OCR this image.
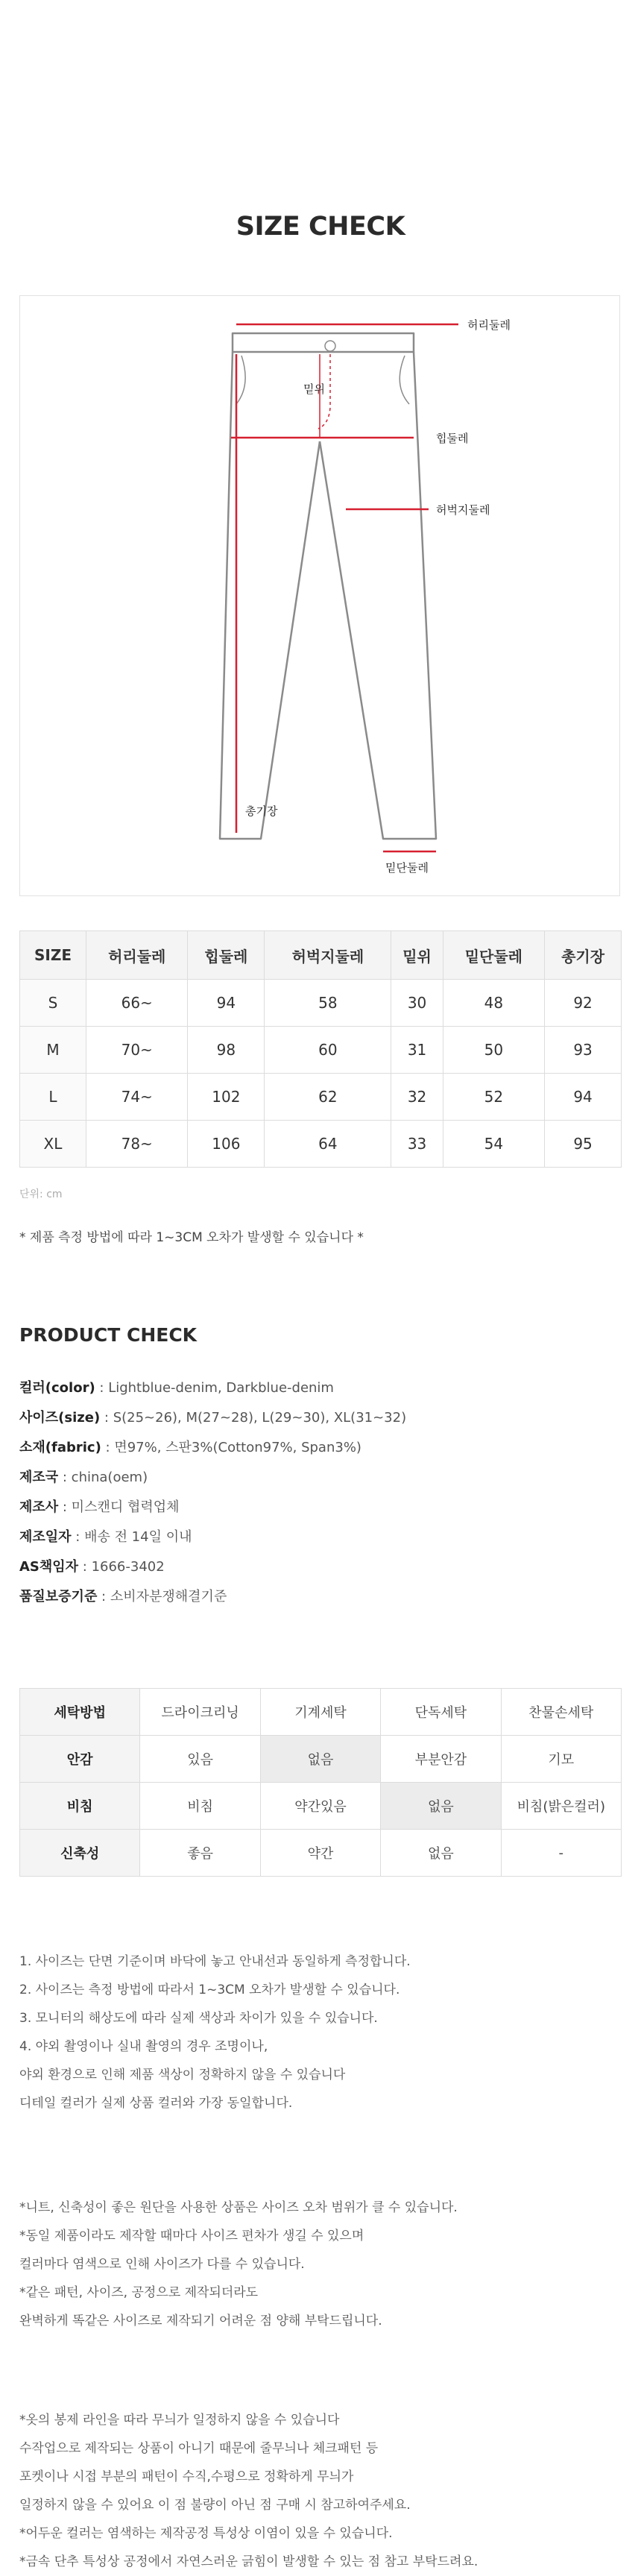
SIZE CHECK
허리둘레
밑위
힙둘레
허벅지둘레
총기장
밑단둘레
SIZE	허리둘레	힙둘레	허벅지둘레	밑위	밑단둘레	총기장
S	66~	94	58	30	48	92
M	70~	98	60	31	50	93
L	74~	102	62	32	52	94
XL	78~	106	64	33	54	95
단위: cm
* 제품 측정 방법에 따라 1~3CM 오차가 발생할 수 있습니다 *
PRODUCT CHECK
컬러(color) : Lightblue-denim, Darkblue-denim
사이즈(size) : S(25~26), M(27~28), L(29~30), XL(31~32)
소재(fabric) : 면97%, 스판3%(Cotton97%, Span3%)
제조국 : china(oem)
제조사 : 미스캔디 협력업체
제조일자 : 배송 전 14일 이내
AS책임자 : 1666-3402
품질보증기준 : 소비자분쟁해결기준
세탁방법	드라이크리닝	기계세탁	단독세탁	찬물손세탁
안감	있음	없음	부분안감	기모
비침	비침	약간있음	없음	비침(밝은컬러)
신축성	좋음	약간	없음	-
1. 사이즈는 단면 기준이며 바닥에 놓고 안내선과 동일하게 측정합니다.
2. 사이즈는 측정 방법에 따라서 1~3CM 오차가 발생할 수 있습니다.
3. 모니터의 해상도에 따라 실제 색상과 차이가 있을 수 있습니다.
4. 야외 촬영이나 실내 촬영의 경우 조명이나,
야외 환경으로 인해 제품 색상이 정확하지 않을 수 있습니다
디테일 컬러가 실제 상품 컬러와 가장 동일합니다.
*니트, 신축성이 좋은 원단을 사용한 상품은 사이즈 오차 범위가 클 수 있습니다.
*동일 제품이라도 제작할 때마다 사이즈 편차가 생길 수 있으며
컬러마다 염색으로 인해 사이즈가 다를 수 있습니다.
*같은 패턴, 사이즈, 공정으로 제작되더라도
완벽하게 똑같은 사이즈로 제작되기 어려운 점 양해 부탁드립니다.
*옷의 봉제 라인을 따라 무늬가 일정하지 않을 수 있습니다
수작업으로 제작되는 상품이 아니기 때문에 줄무늬나 체크패턴 등
포켓이나 시접 부분의 패턴이 수직,수평으로 정확하게 무늬가
일정하지 않을 수 있어요 이 점 불량이 아닌 점 구매 시 참고하여주세요.
*어두운 컬러는 염색하는 제작공정 특성상 이염이 있을 수 있습니다.
*금속 단추 특성상 공정에서 자연스러운 긁힘이 발생할 수 있는 점 참고 부탁드려요.
